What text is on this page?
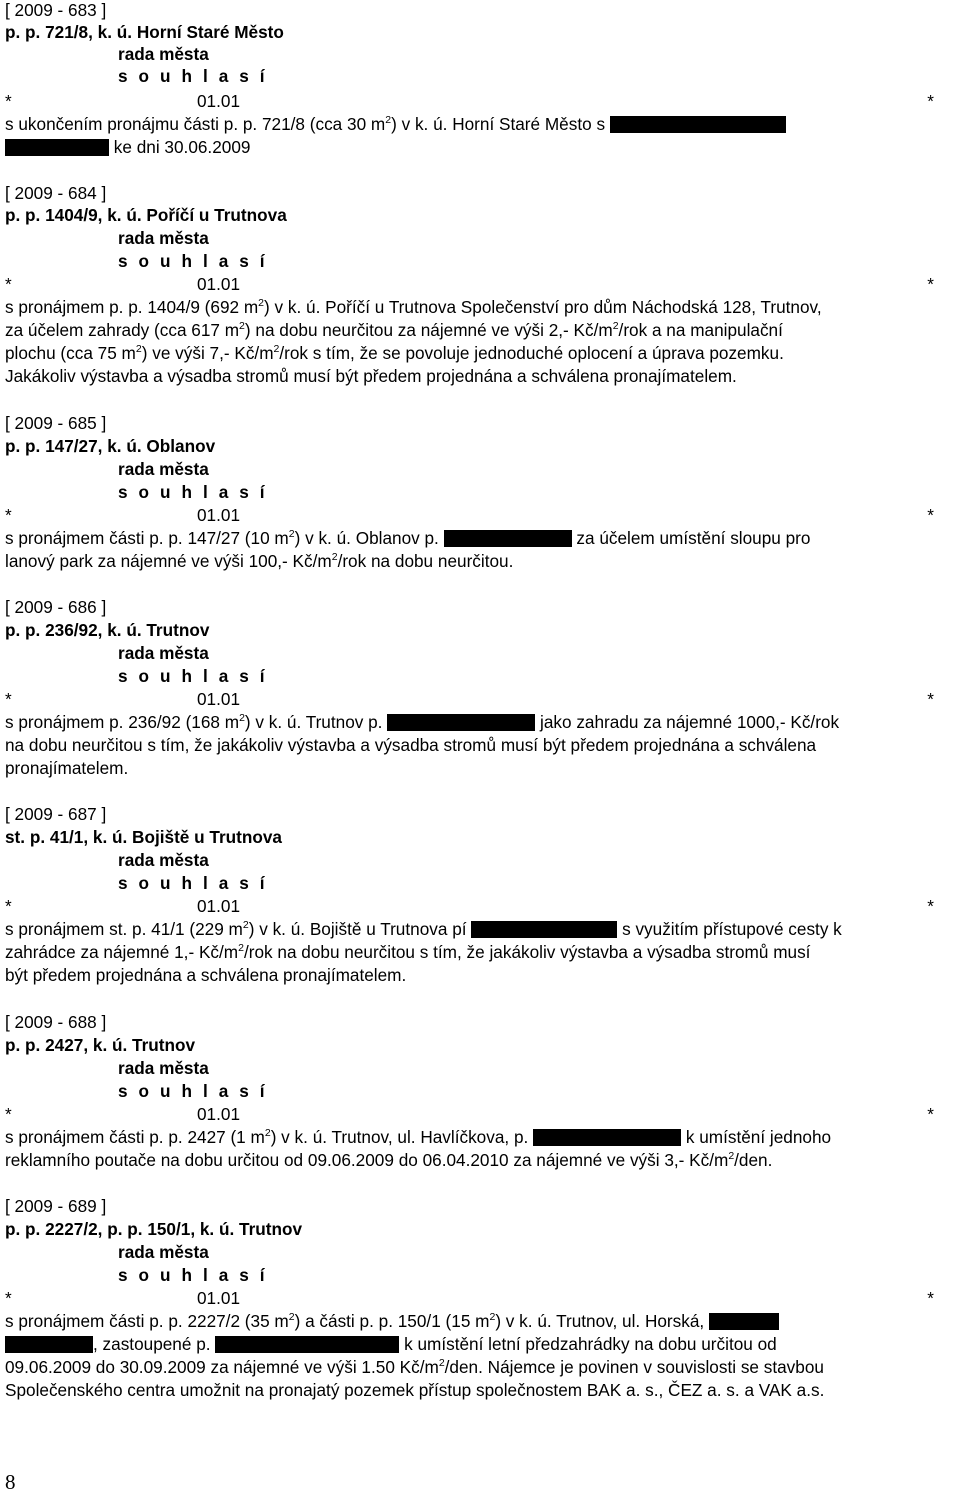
[ 2009 - 683 ]
p. p. 721/8, k. ú. Horní Staré Město
rada města
s o u h l a s í
*	01.01	*
s ukončením pronájmu části p. p. 721/8 (cca 30 $m^2$) v k. ú. Horní Staré Město s
ke dni 30.06.2009
[ 2009 - 684 ]
p. p. 1404/9, k. ú. Poříčí u Trutnova
rada města
s o u h l a s í
*	01.01	*
s pronájmem p. p. 1404/9 (692 $m^2$) v k. ú. Poříčí u Trutnova Společenství pro dům Náchodská 128, Trutnov,
za účelem zahrady (cca 617 $m^2$) na dobu neurčitou za nájemné ve výši 2,- $Kč/m^2$/rok a na manipulační
plochu (cca 75 $m^2$) ve výši 7,- $Kč/m^2$/rok s tím, že se povoluje jednoduché oplocení a úprava pozemku.
Jakákoliv výstavba a výsadba stromů musí být předem projednána a schválena pronajímatelem.
[ 2009 - 685 ]
p. p. 147/27, k. ú. Oblanov
rada města
s o u h l a s í
*	01.01	*
s pronájmem části p. p. 147/27 (10 $m^2$) v k. ú. Oblanov p.	za účelem umístění sloupu pro
lanový park za nájemné ve výši 100,- $Kč/m^2$/rok na dobu neurčitou.
[ 2009 - 686 ]
p. p. 236/92, k. ú. Trutnov
rada města
s o u h l a s í
*	01.01	*
s pronájmem p. 236/92 (168 $m^2$) v k. ú. Trutnov p.	jako zahradu za nájemné 1000,- Kč/rok
na dobu neurčitou s tím, že jakákoliv výstavba a výsadba stromů musí být předem projednána a schválena
pronajímatelem.
[ 2009 - 687 ]
st. p. 41/1, k. ú. Bojiště u Trutnova
rada města
s o u h l a s í
*	01.01	*
s pronájmem st. p. 41/1 (229 $m^2$) v k. ú. Bojiště u Trutnova pí	s využitím přístupové cesty k
zahrádce za nájemné 1,- $Kč/m^2$/rok na dobu neurčitou s tím, že jakákoliv výstavba a výsadba stromů musí
být předem projednána a schválena pronajímatelem.
[ 2009 - 688 ]
p. p. 2427, k. ú. Trutnov
rada města
s o u h l a s í
*	01.01	*
s pronájmem části p. p. 2427 (1 $m^2$) v k. ú. Trutnov, ul. Havlíčkova, p.	k umístění jednoho
reklamního poutače na dobu určitou od 09.06.2009 do 06.04.2010 za nájemné ve výši 3,- $Kč/m^2$/den.
[ 2009 - 689 ]
p. p. 2227/2, p. p. 150/1, k. ú. Trutnov
rada města
s o u h l a s í
*	01.01	*
s pronájmem části p. p. 2227/2 (35 $m^2$) a části p. p. 150/1 (15 $m^2$) v k. ú. Trutnov, ul. Horská,
, zastoupené p.	k umístění letní předzahrádky na dobu určitou od
09.06.2009 do 30.09.2009 za nájemné ve výši 1.50 $Kč/m^2$/den. Nájemce je povinen v souvislosti se stavbou
Společenského centra umožnit na pronajatý pozemek přístup společnostem BAK a. s., ČEZ a. s. a VAK a.s.
8
